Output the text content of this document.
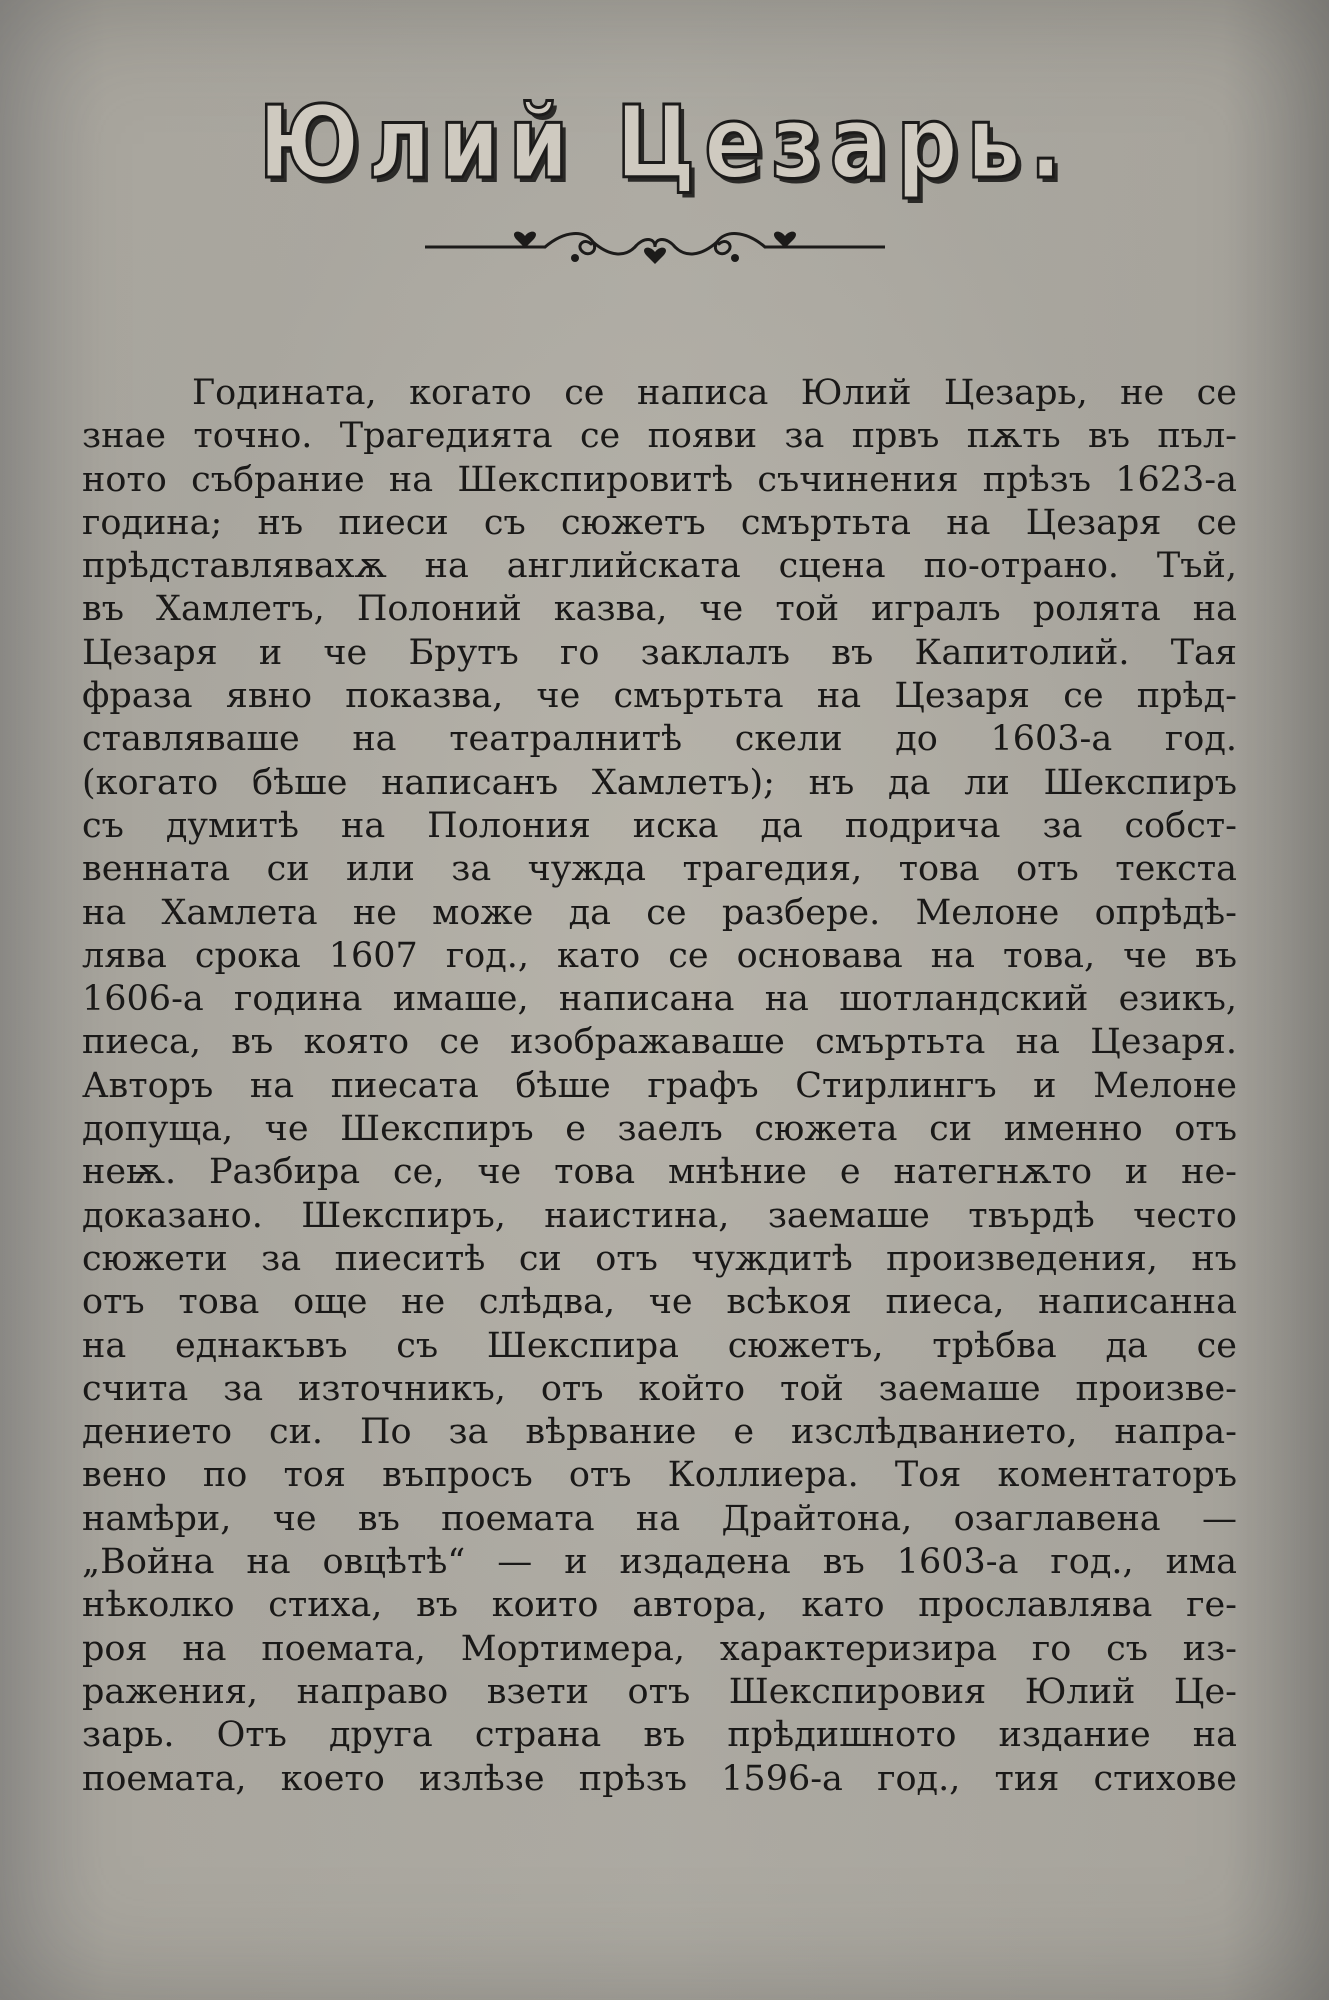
Юлий Цезарь.
Годината, когато се написа Юлий Цезарь, не се
знае точно. Трагедията се появи за првъ пѫть въ пъл-
ното събрание на Шекспировитѣ съчинения прѣзъ 1623-а
година; нъ пиеси съ сюжетъ смъртьта на Цезаря се
прѣдставлявахѫ на английската сцена по-отрано. Тъй,
въ Хамлетъ, Полоний казва, че той игралъ ролята на
Цезаря и че Брутъ го заклалъ въ Капитолий. Тая
фраза явно показва, че смъртьта на Цезаря се прѣд-
ставляваше на театралнитѣ скели до 1603-а год.
(когато бѣше написанъ Хамлетъ); нъ да ли Шекспиръ
съ думитѣ на Полония иска да подрича за собст-
венната си или за чужда трагедия, това отъ текста
на Хамлета не може да се разбере. Мелоне опрѣдѣ-
лява срока 1607 год., като се основава на това, че въ
1606-а година имаше, написана на шотландский езикъ,
пиеса, въ която се изображаваше смъртьта на Цезаря.
Авторъ на пиесата бѣше графъ Стирлингъ и Мелоне
допуща, че Шекспиръ е заелъ сюжета си именно отъ
неѭ. Разбира се, че това мнѣние е натегнѫто и не-
доказано. Шекспиръ, наистина, заемаше твърдѣ често
сюжети за пиеситѣ си отъ чуждитѣ произведения, нъ
отъ това още не слѣдва, че всѣкоя пиеса, написанна
на еднакъвъ съ Шекспира сюжетъ, трѣбва да се
счита за източникъ, отъ който той заемаше произве-
дението си. По за вѣрвание е изслѣдванието, напра-
вено по тоя въпросъ отъ Коллиера. Тоя коментаторъ
намѣри, че въ поемата на Драйтона, озаглавена —
„Война на овцѣтѣ“ — и издадена въ 1603-а год., има
нѣколко стиха, въ които автора, като прославлява ге-
роя на поемата, Мортимера, характеризира го съ из-
ражения, направо взети отъ Шекспировия Юлий Це-
зарь. Отъ друга страна въ прѣдишното издание на
поемата, което излѣзе прѣзъ 1596-а год., тия стихове
